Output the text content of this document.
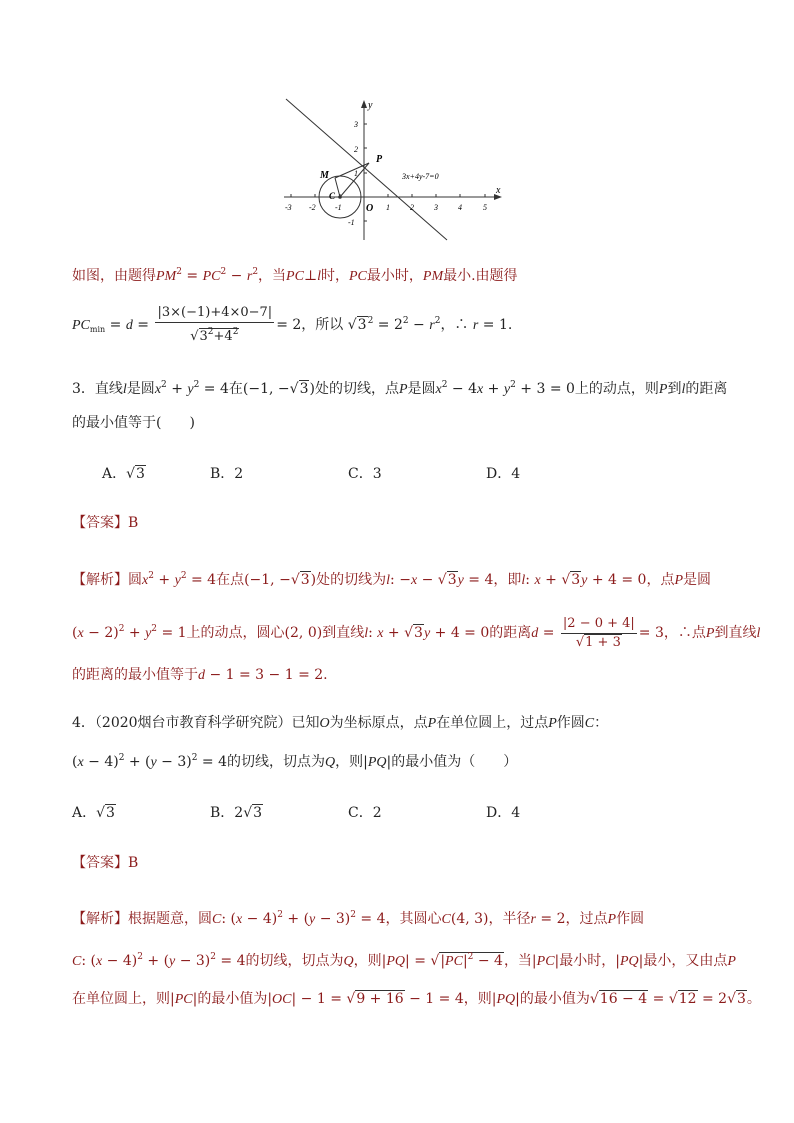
x
y
O
M
P
C
3x+4y-7=0
-3 -2 -1	1	2	3	4	5
3
2
1
-1
如图，由题得$PM^2 = PC^2 - r^2$，当PC⊥l时，PC最小时，PM最小.由题得
$PC_{min} = d = \frac{|3\times(-1)+4\times 0-7|}{√3^2+4^2} = 2$，所以 $√3^2 = 2^2 - r^2$，∴ r = 1.
3．直线l是圆$x^2 + y^2 = 4$在(−1, −√3)处的切线，点P是圆$x^2 - 4x + y^2 + 3 = 0$上的动点，则P到l的距离
的最小值等于(　　)
A．√3	B．2	C．3	D．4
【答案】B
【解析】圆$x^2 + y^2 = 4$在点(−1, −√3)处的切线为l: −x − √3y = 4，即l: x + √3y + 4 = 0，点P是圆
$(x - 2)^2 + y^2 = 1$上的动点，圆心(2, 0)到直线l: x + √3y + 4 = 0的距离$d = \frac{|2 - 0 + 4|}{√1 + 3} = 3$，∴点P到直线l
的距离的最小值等于d − 1 = 3 − 1 = 2.
4．（2020烟台市教育科学研究院）已知O为坐标原点，点P在单位圆上，过点P作圆C：
$(x - 4)^2 + (y - 3)^2 = 4$的切线，切点为Q，则|PQ|的最小值为（　　）
A．√3	B．2√3	C．2	D．4
【答案】B
【解析】根据题意，圆C: $(x - 4)^2 + (y - 3)^2 = 4$，其圆心C(4, 3)，半径r = 2，过点P作圆
C: $(x - 4)^2 + (y - 3)^2 = 4$的切线，切点为Q，则$|PQ| = √|PC|^2 - 4$，当|PC|最小时，|PQ|最小，又由点P
在单位圆上，则|PC|的最小值为|OC| − 1 = √9 + 16 − 1 = 4，则|PQ|的最小值为√16 − 4 = √12 = 2√3。
